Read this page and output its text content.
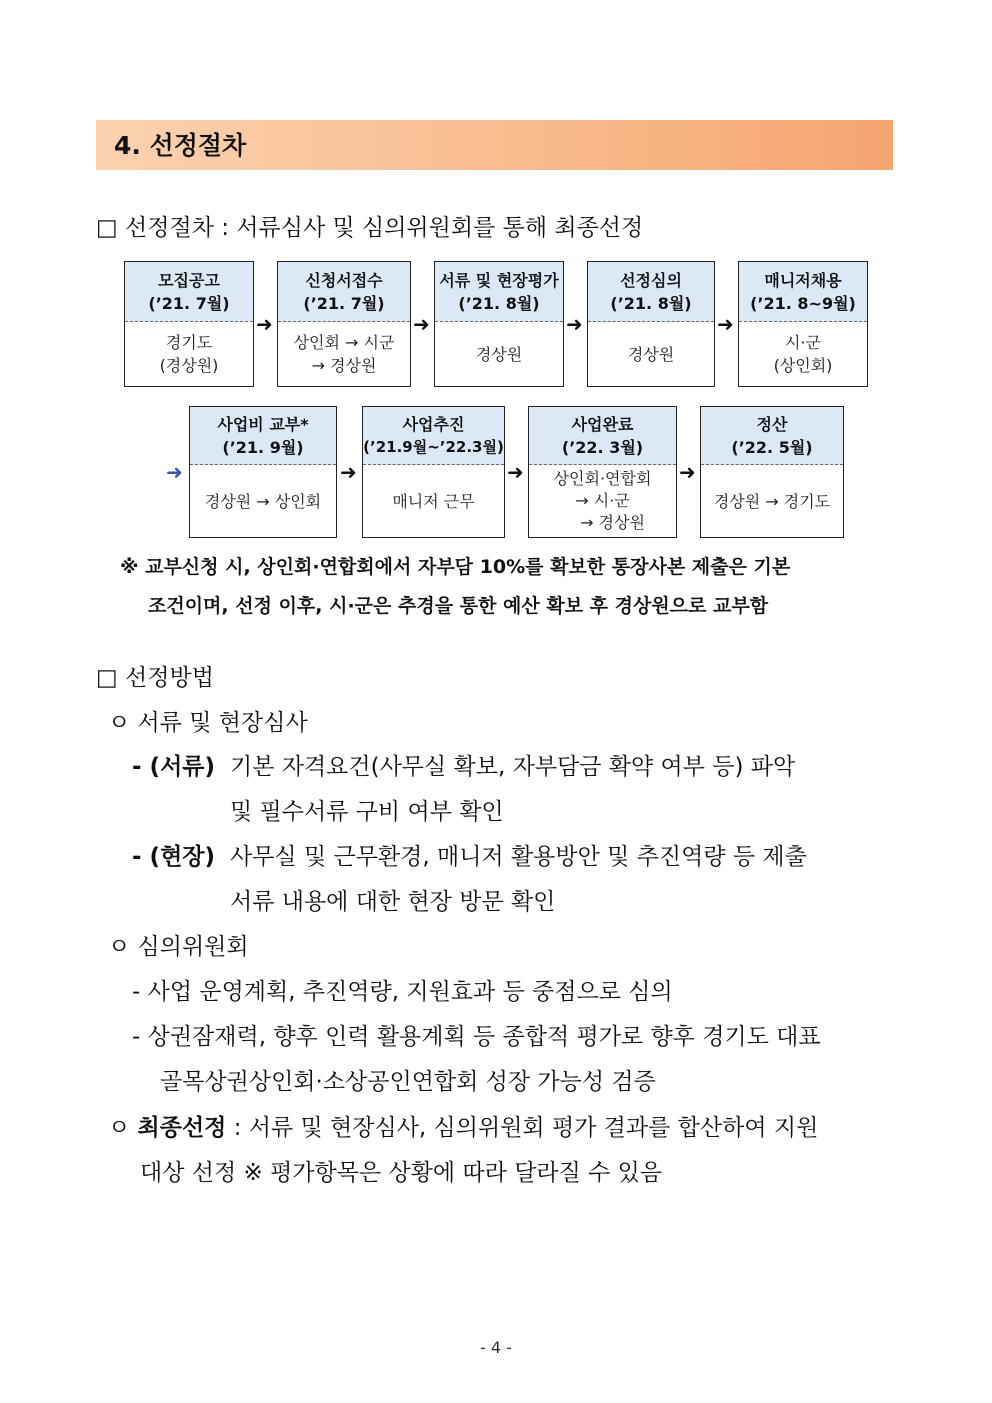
4. 선정절차
□ 선정절차 : 서류심사 및 심의위원회를 통해 최종선정
모집공고
(’21. 7월)
경기도
(경상원)
➜
신청서접수
(’21. 7월)
상인회 → 시군
→ 경상원
➜
서류 및 현장평가
(’21. 8월)
경상원
➜
선정심의
(’21. 8월)
경상원
➜
매니저채용
(’21. 8~9월)
시·군
(상인회)
➜
사업비 교부*
(’21. 9월)
경상원 → 상인회
➜
사업추진
(’21.9월~’22.3월)
매니저 근무
➜
사업완료
(’22. 3월)
상인회·연합회
→ 시·군
→ 경상원
➜
정산
(’22. 5월)
경상원 → 경기도
※ 교부신청 시, 상인회·연합회에서 자부담 10%를 확보한 통장사본 제출은 기본
조건이며, 선정 이후, 시·군은 추경을 통한 예산 확보 후 경상원으로 교부함
□ 선정방법
ㅇ 서류 및 현장심사
- (서류) 기본 자격요건(사무실 확보, 자부담금 확약 여부 등) 파악
및 필수서류 구비 여부 확인
- (현장) 사무실 및 근무환경, 매니저 활용방안 및 추진역량 등 제출
서류 내용에 대한 현장 방문 확인
ㅇ 심의위원회
- 사업 운영계획, 추진역량, 지원효과 등 중점으로 심의
- 상권잠재력, 향후 인력 활용계획 등 종합적 평가로 향후 경기도 대표
골목상권상인회·소상공인연합회 성장 가능성 검증
ㅇ 최종선정 : 서류 및 현장심사, 심의위원회 평가 결과를 합산하여 지원
대상 선정 ※ 평가항목은 상황에 따라 달라질 수 있음
- 4 -
